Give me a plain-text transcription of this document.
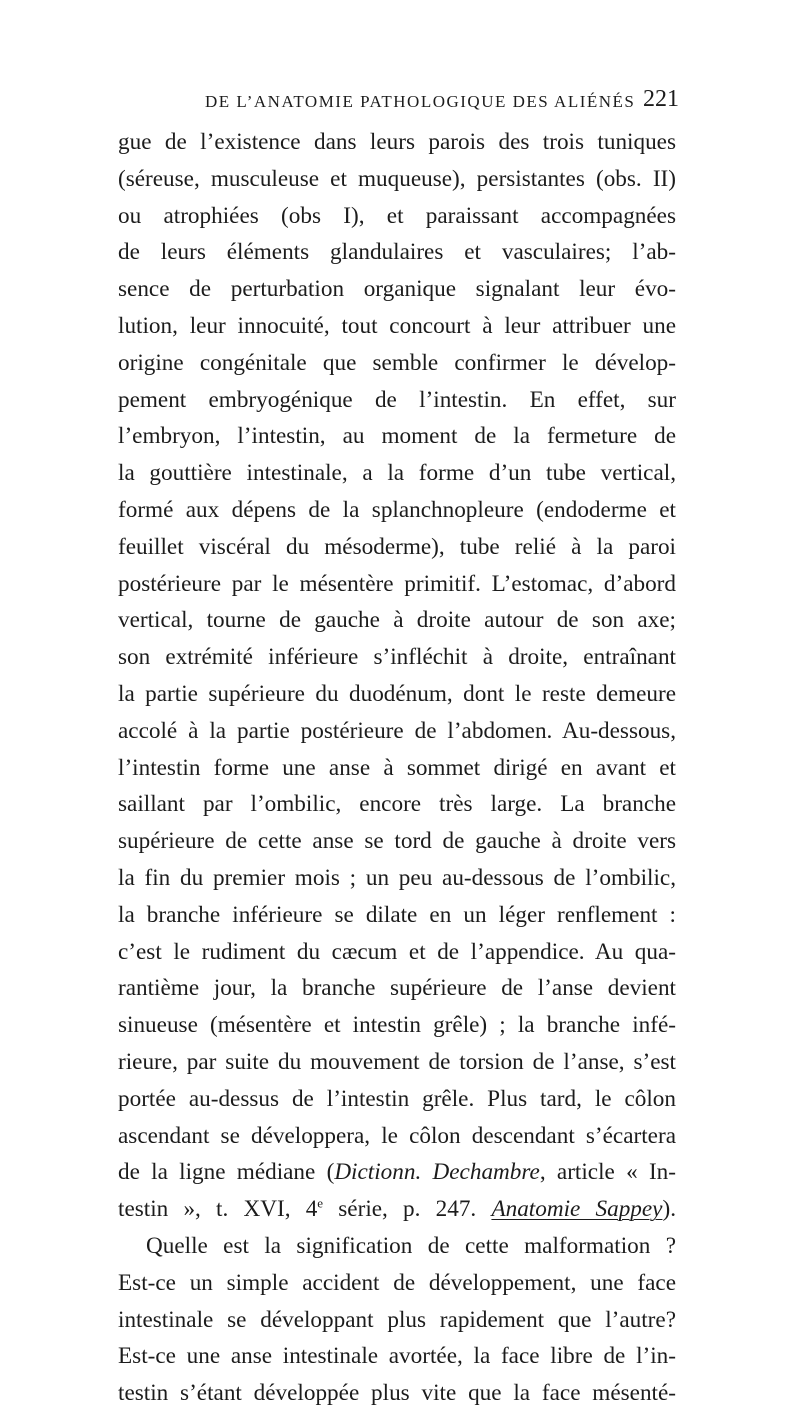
DE L’ANATOMIE PATHOLOGIQUE DES ALIÉNÉS 221
gue de l’existence dans leurs parois des trois tuniques
(séreuse, musculeuse et muqueuse), persistantes (obs. II)
ou atrophiées (obs I), et paraissant accompagnées
de leurs éléments glandulaires et vasculaires; l’ab-
sence de perturbation organique signalant leur évo-
lution, leur innocuité, tout concourt à leur attribuer une
origine congénitale que semble confirmer le dévelop-
pement embryogénique de l’intestin. En effet, sur
l’embryon, l’intestin, au moment de la fermeture de
la gouttière intestinale, a la forme d’un tube vertical,
formé aux dépens de la splanchnopleure (endoderme et
feuillet viscéral du mésoderme), tube relié à la paroi
postérieure par le mésentère primitif. L’estomac, d’abord
vertical, tourne de gauche à droite autour de son axe;
son extrémité inférieure s’infléchit à droite, entraînant
la partie supérieure du duodénum, dont le reste demeure
accolé à la partie postérieure de l’abdomen. Au-dessous,
l’intestin forme une anse à sommet dirigé en avant et
saillant par l’ombilic, encore très large. La branche
supérieure de cette anse se tord de gauche à droite vers
la fin du premier mois ; un peu au-dessous de l’ombilic,
la branche inférieure se dilate en un léger renflement :
c’est le rudiment du cæcum et de l’appendice. Au qua-
rantième jour, la branche supérieure de l’anse devient
sinueuse (mésentère et intestin grêle) ; la branche infé-
rieure, par suite du mouvement de torsion de l’anse, s’est
portée au-dessus de l’intestin grêle. Plus tard, le côlon
ascendant se développera, le côlon descendant s’écartera
de la ligne médiane (Dictionn. Dechambre, article « In-
testin », t. XVI, 4e série, p. 247. Anatomie Sappey).
Quelle est la signification de cette malformation ?
Est-ce un simple accident de développement, une face
intestinale se développant plus rapidement que l’autre?
Est-ce une anse intestinale avortée, la face libre de l’in-
testin s’étant développée plus vite que la face mésenté-
